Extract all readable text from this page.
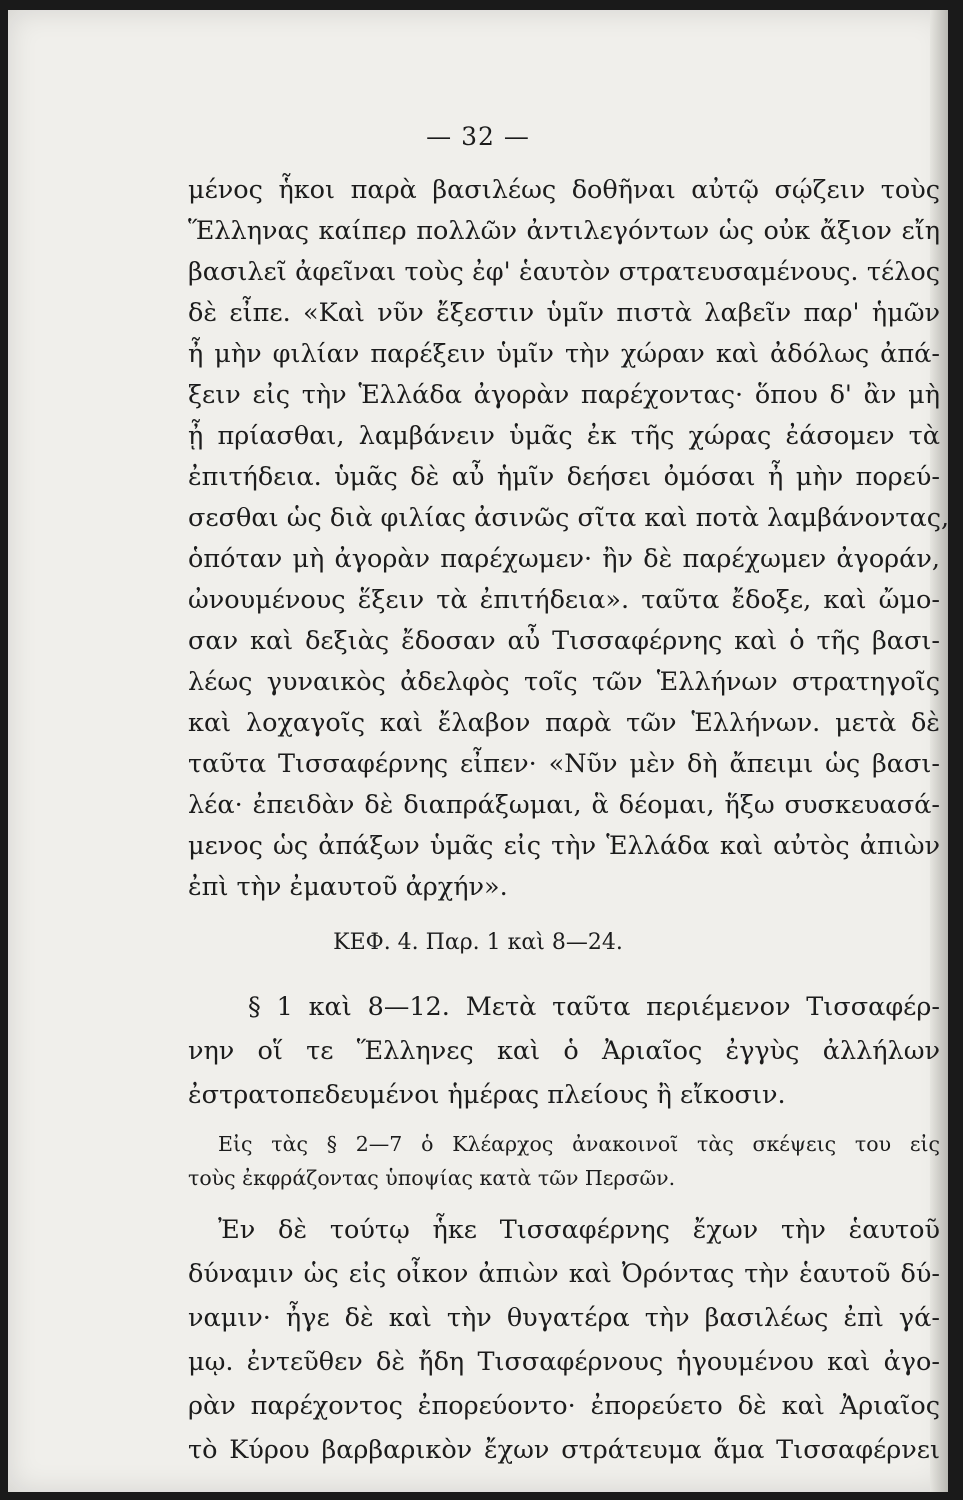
— 32 —
μένος ἧκοι παρὰ βασιλέως δοθῆναι αὐτῷ σῴζειν τοὺς
Ἕλληνας καίπερ πολλῶν ἀντιλεγόντων ὡς οὐκ ἄξιον εἴη
βασιλεῖ ἀφεῖναι τοὺς ἐφ' ἑαυτὸν στρατευσαμένους. τέλος
δὲ εἶπε. «Καὶ νῦν ἔξεστιν ὑμῖν πιστὰ λαβεῖν παρ' ἡμῶν
ἦ μὴν φιλίαν παρέξειν ὑμῖν τὴν χώραν καὶ ἀδόλως ἀπά-
ξειν εἰς τὴν Ἑλλάδα ἀγορὰν παρέχοντας· ὅπου δ' ἂν μὴ
ᾖ πρίασθαι, λαμβάνειν ὑμᾶς ἐκ τῆς χώρας ἐάσομεν τὰ
ἐπιτήδεια. ὑμᾶς δὲ αὖ ἡμῖν δεήσει ὀμόσαι ἦ μὴν πορεύ-
σεσθαι ὡς διὰ φιλίας ἀσινῶς σῖτα καὶ ποτὰ λαμβάνοντας,
ὁπόταν μὴ ἀγορὰν παρέχωμεν· ἢν δὲ παρέχωμεν ἀγοράν,
ὠνουμένους ἕξειν τὰ ἐπιτήδεια». ταῦτα ἔδοξε, καὶ ὤμο-
σαν καὶ δεξιὰς ἔδοσαν αὖ Τισσαφέρνης καὶ ὁ τῆς βασι-
λέως γυναικὸς ἀδελφὸς τοῖς τῶν Ἑλλήνων στρατηγοῖς
καὶ λοχαγοῖς καὶ ἔλαβον παρὰ τῶν Ἑλλήνων. μετὰ δὲ
ταῦτα Τισσαφέρνης εἶπεν· «Νῦν μὲν δὴ ἄπειμι ὡς βασι-
λέα· ἐπειδὰν δὲ διαπράξωμαι, ἃ δέομαι, ἥξω συσκευασά-
ΚΕΦ. 4. Παρ. 1 καὶ 8—24.
§ 1 καὶ 8—12. Μετὰ ταῦτα περιέμενον Τισσαφέρ-
νην οἵ τε Ἕλληνες καὶ ὁ Ἀριαῖος ἐγγὺς ἀλλήλων
ἐστρατοπεδευμένοι ἡμέρας πλείους ἢ εἴκοσιν.
Εἰς τὰς § 2—7 ὁ Κλέαρχος ἀνακοινοῖ τὰς σκέψεις του εἰς
τοὺς ἐκφράζοντας ὑποψίας κατὰ τῶν Περσῶν.
Ἐν δὲ τούτῳ ἧκε Τισσαφέρνης ἔχων τὴν ἑαυτοῦ
δύναμιν ὡς εἰς οἶκον ἀπιὼν καὶ Ὀρόντας τὴν ἑαυτοῦ δύ-
ναμιν· ἦγε δὲ καὶ τὴν θυγατέρα τὴν βασιλέως ἐπὶ γά-
μῳ. ἐντεῦθεν δὲ ἤδη Τισσαφέρνους ἡγουμένου καὶ ἀγο-
ρὰν παρέχοντος ἐπορεύοντο· ἐπορεύετο δὲ καὶ Ἀριαῖος
τὸ Κύρου βαρβαρικὸν ἔχων στράτευμα ἅμα Τισσαφέρνει
μενος ὡς ἀπάξων ὑμᾶς εἰς τὴν Ἑλλάδα καὶ αὐτὸς ἀπιὼν
ἐπὶ τὴν ἐμαυτοῦ ἀρχήν».
